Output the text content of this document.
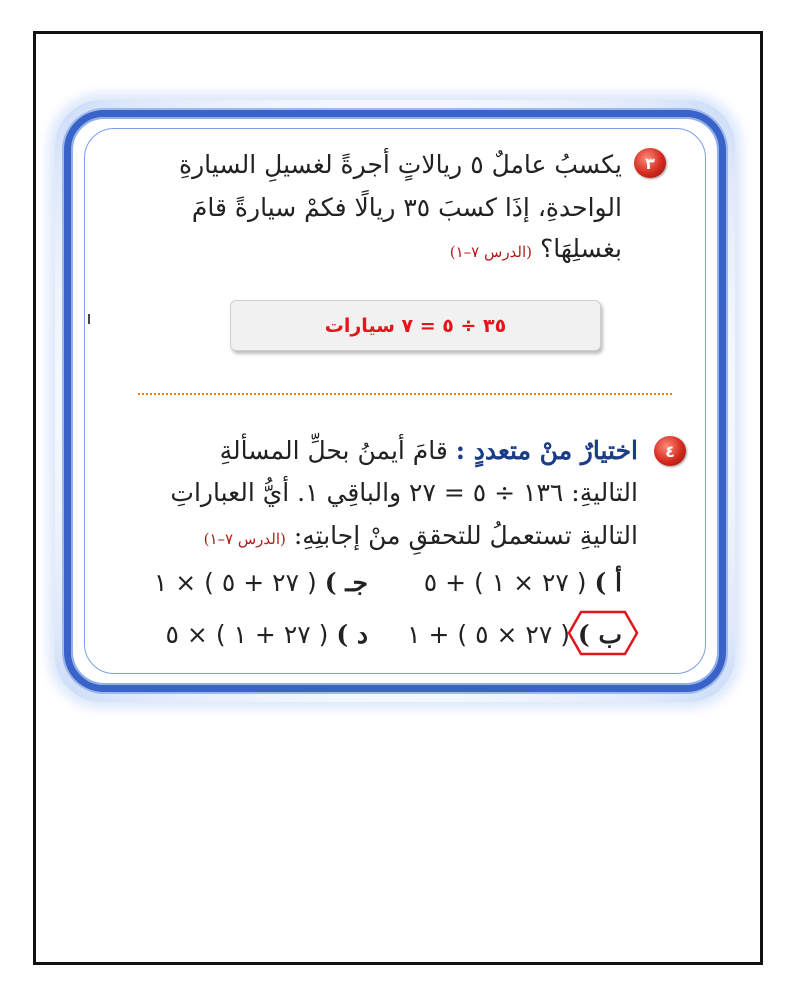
٣
يكسبُ عاملٌ ٥ ريالاتٍ أجرةً لغسيلِ السيارةِ
الواحدةِ، إذَا كسبَ ٣٥ ريالًا فكمْ سيارةً قامَ
بغسلِهَا؟ (الدرس ٧–١)
٣٥ ÷ ٥ = ٧ سيارات
٤
اختيارٌ منْ متعددٍ : قامَ أيمنُ بحلِّ المسألةِ
التاليةِ: ١٣٦ ÷ ٥ = ٢٧ والباقِي ١. أيُّ العباراتِ
التاليةِ تستعملُ للتحققِ منْ إجابتِهِ: (الدرس ٧–١)
أ ) ( ٢٧ × ١ ) + ٥
جـ ) ( ٢٧ + ٥ ) × ١
ب ) ( ٢٧ × ٥ ) + ١
د ) ( ٢٧ + ١ ) × ٥
